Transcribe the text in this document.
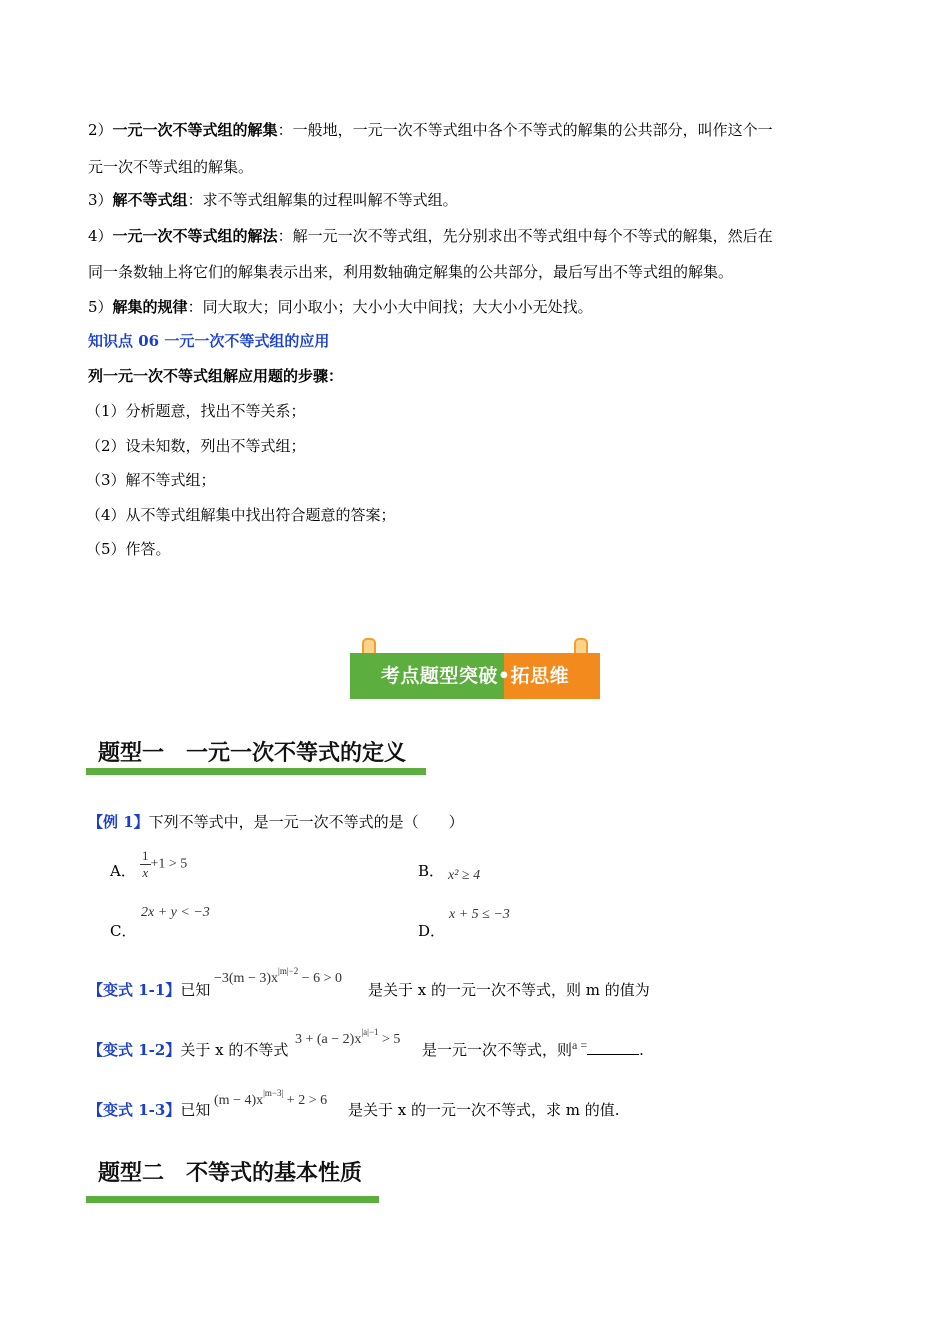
2）一元一次不等式组的解集：一般地，一元一次不等式组中各个不等式的解集的公共部分，叫作这个一
元一次不等式组的解集。
3）解不等式组：求不等式组解集的过程叫解不等式组。
4）一元一次不等式组的解法：解一元一次不等式组，先分别求出不等式组中每个不等式的解集，然后在
同一条数轴上将它们的解集表示出来，利用数轴确定解集的公共部分，最后写出不等式组的解集。
5）解集的规律：同大取大；同小取小；大小小大中间找；大大小小无处找。
知识点 06 一元一次不等式组的应用
列一元一次不等式组解应用题的步骤：
（1）分析题意，找出不等关系；
（2）设未知数，列出不等式组；
（3）解不等式组；
（4）从不等式组解集中找出符合题意的答案；
（5）作答。
考点题型突破•拓思维
题型一　一元一次不等式的定义
【例 1】下列不等式中，是一元一次不等式的是（　　）
A． $\frac{1}{x} +1 > 5$	B． x² ≥ 4
2x + y < −3
C．
x + 5 ≤ −3
D．
【变式 1-1】已知
$-3(m - 3)x^{|m|-2} - 6 > 0$
是关于 x 的一元一次不等式，则 m 的值为
【变式 1-2】关于 x 的不等式
$3 + (a - 2)x^{|a|-1} > 5$
是一元一次不等式，则$^{a =}$	.
【变式 1-3】已知
$(m - 4)x^{|m-3|} + 2 > 6$
是关于 x 的一元一次不等式，求 m 的值.
题型二　不等式的基本性质
